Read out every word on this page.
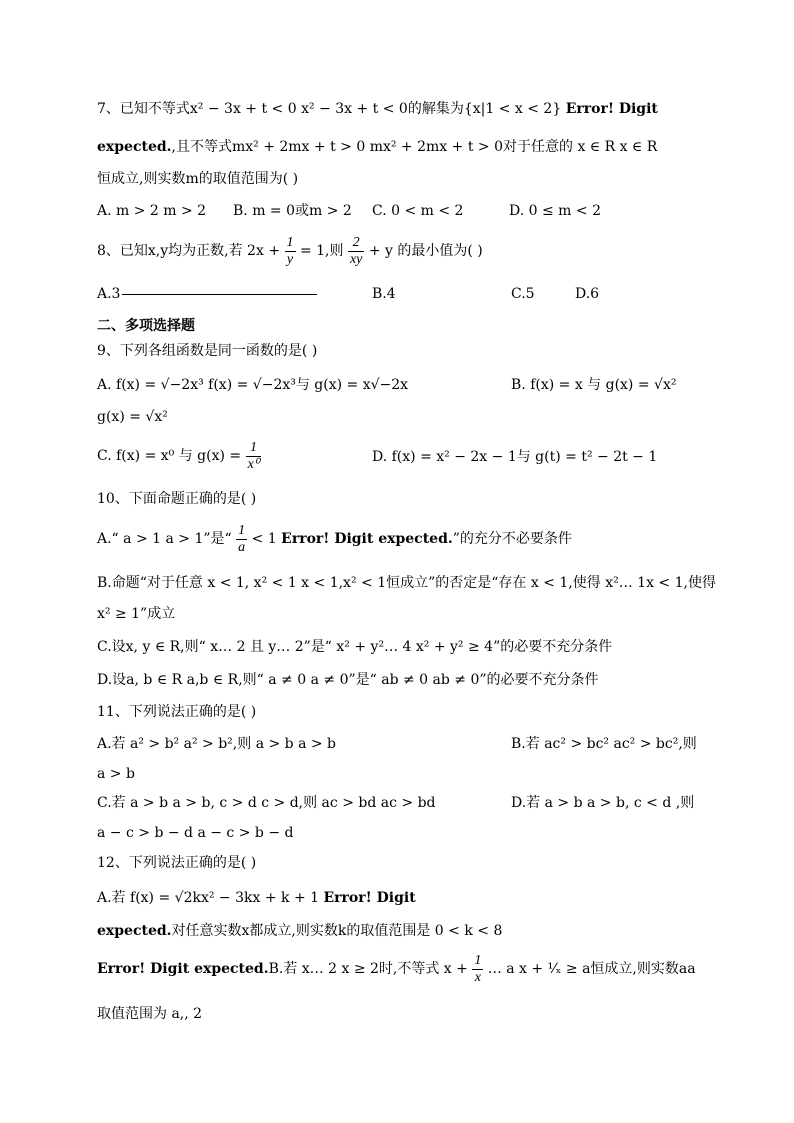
7、已知不等式x² − 3x + t < 0 x² − 3x + t < 0的解集为{x|1 < x < 2} Error! Digit
expected.,且不等式mx² + 2mx + t > 0 mx² + 2mx + t > 0对于任意的 x ∈ R x ∈ R
恒成立,则实数m的取值范围为( )
A. m > 2 m > 2 B. m = 0或m > 2 C. 0 < m < 2	D. 0 ≤ m < 2
8、已知x,y均为正数,若 $2x + \frac{1}{y} = 1$,则 $\frac{2}{xy} + y$ 的最小值为( )
A.3	B.4	C.5	D.6
二、多项选择题
9、下列各组函数是同一函数的是( )
A. f(x) = √−2x³ f(x) = √−2x³与 g(x) = x√−2x	B. f(x) = x 与 g(x) = √x²
g(x) = √x²
C. f(x) = x⁰ 与 $g(x) = \frac{1}{\text{x⁰}}$	D. f(x) = x² − 2x − 1与 g(t) = t² − 2t − 1
10、下面命题正确的是( )
A.“ a > 1 a > 1”是“ $\frac{1}{a} < 1$ Error! Digit expected.”的充分不必要条件
B.命题“对于任意 x < 1, x² < 1 x < 1,x² < 1恒成立”的否定是“存在 x < 1,使得 x²… 1x < 1,使得
x² ≥ 1”成立
C.设x, y ∈ R,则“ x… 2 且 y… 2”是“ x² + y²… 4 x² + y² ≥ 4”的必要不充分条件
D.设a, b ∈ R a,b ∈ R,则“ a ≠ 0 a ≠ 0”是“ ab ≠ 0 ab ≠ 0”的必要不充分条件
11、下列说法正确的是( )
A.若 a² > b² a² > b²,则 a > b a > b	B.若 ac² > bc² ac² > bc²,则
a > b
C.若 a > b a > b, c > d c > d,则 ac > bd ac > bd	D.若 a > b a > b, c < d ,则
a − c > b − d a − c > b − d
12、下列说法正确的是( )
A.若 f(x) = √2kx² − 3kx + k + 1 Error! Digit
expected.对任意实数x都成立,则实数k的取值范围是 0 < k < 8
Error! Digit expected.B.若 x… 2 x ≥ 2时,不等式 $x + \frac{1}{x}$ … a x + ¹⁄ₓ ≥ a恒成立,则实数aa
取值范围为 a,, 2
